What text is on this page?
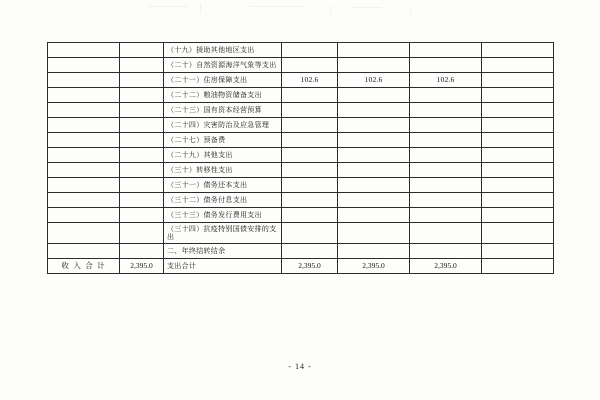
		（十九）援助其他地区支出				
		（二十）自然资源海洋气象等支出				
		（二十一）住房保障支出	102.6	102.6	102.6	
		（二十二）粮油物资储备支出				
		（二十三）国有资本经营预算				
		（二十四）灾害防治及应急管理				
		（二十七）预备费				
		（二十九）其他支出				
		（三十）转移性支出				
		（三十一）债务还本支出				
		（三十二）债务付息支出				
		（三十三）债务发行费用支出				
		（三十四）抗疫特别国债安排的支出				
		二、年终结转结余				
收 入 合 计	2,395.0	支出合计	2,395.0	2,395.0	2,395.0	
- 14 -
